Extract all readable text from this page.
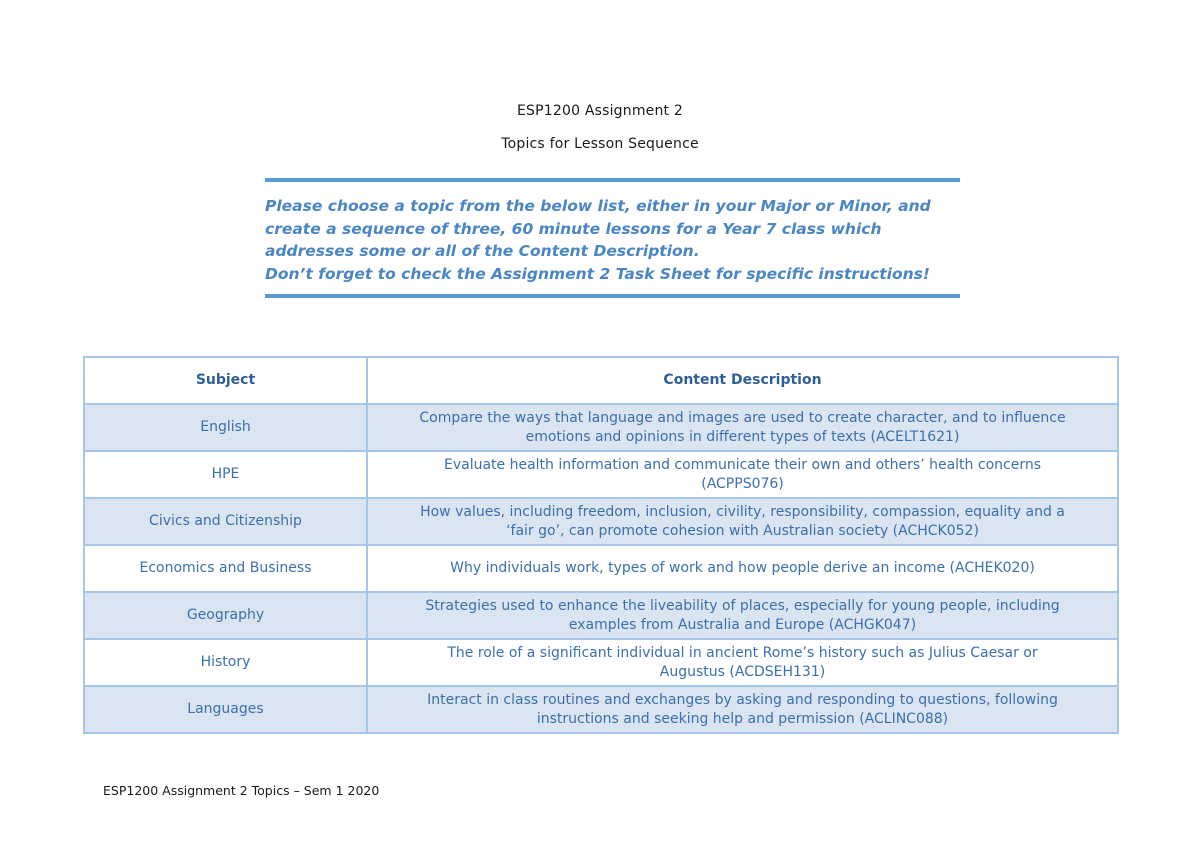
ESP1200 Assignment 2
Topics for Lesson Sequence
Please choose a topic from the below list, either in your Major or Minor, and
create a sequence of three, 60 minute lessons for a Year 7 class which
addresses some or all of the Content Description.
Don’t forget to check the Assignment 2 Task Sheet for specific instructions!
Subject	Content Description
English	Compare the ways that language and images are used to create character, and to influence
emotions and opinions in different types of texts (ACELT1621)

HPE	Evaluate health information and communicate their own and others’ health concerns
(ACPPS076)

Civics and Citizenship	How values, including freedom, inclusion, civility, responsibility, compassion, equality and a
‘fair go’, can promote cohesion with Australian society (ACHCK052)

Economics and Business	Why individuals work, types of work and how people derive an income (ACHEK020)

Geography	Strategies used to enhance the liveability of places, especially for young people, including
examples from Australia and Europe (ACHGK047)

History	The role of a significant individual in ancient Rome’s history such as Julius Caesar or
Augustus (ACDSEH131)

Languages	Interact in class routines and exchanges by asking and responding to questions, following
instructions and seeking help and permission (ACLINC088)
ESP1200 Assignment 2 Topics – Sem 1 2020
